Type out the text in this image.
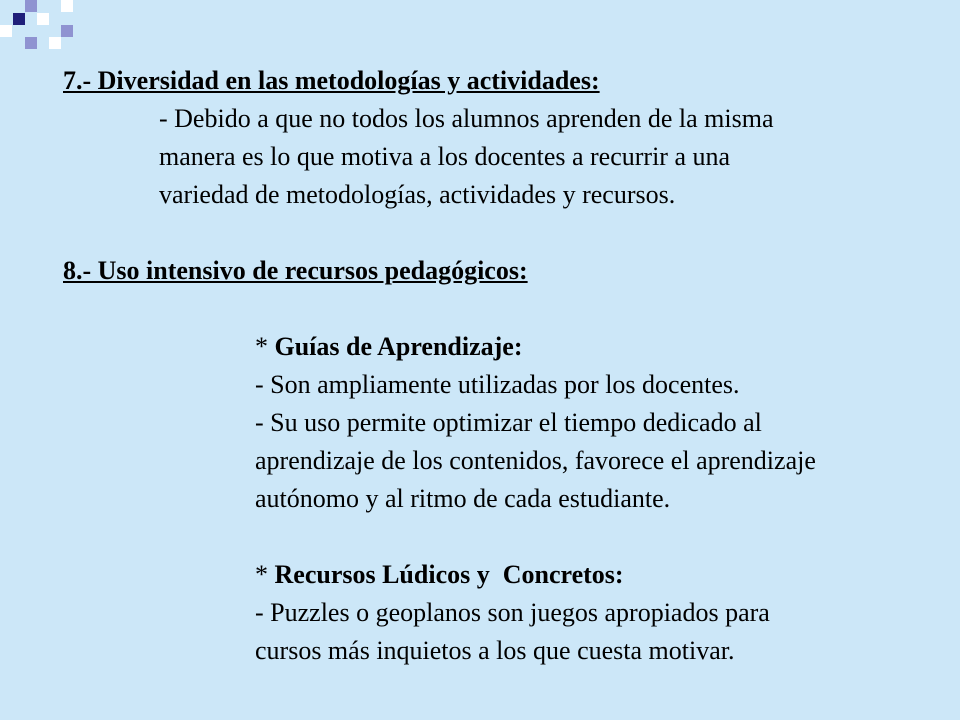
7.- Diversidad en las metodologías y actividades:
- Debido a que no todos los alumnos aprenden de la misma
manera es lo que motiva a los docentes a recurrir a una
variedad de metodologías, actividades y recursos.
8.- Uso intensivo de recursos pedagógicos:
* Guías de Aprendizaje:
- Son ampliamente utilizadas por los docentes.
- Su uso permite optimizar el tiempo dedicado al
aprendizaje de los contenidos, favorece el aprendizaje
autónomo y al ritmo de cada estudiante.
* Recursos Lúdicos y  Concretos:
- Puzzles o geoplanos son juegos apropiados para
cursos más inquietos a los que cuesta motivar.
